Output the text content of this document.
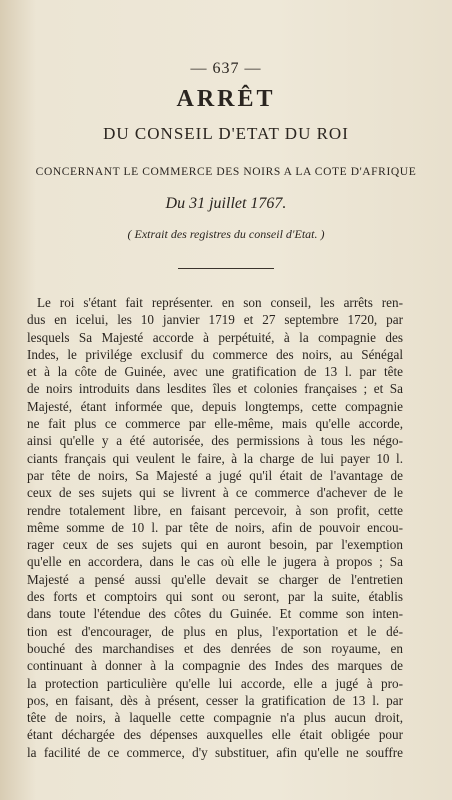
— 637 —
ARRÊT
DU CONSEIL D'ETAT DU ROI
CONCERNANT LE COMMERCE DES NOIRS A LA COTE D'AFRIQUE
Du 31 juillet 1767.
( Extrait des registres du conseil d'Etat. )
Le roi s'étant fait représenter. en son conseil, les arrêts ren-
dus en icelui, les 10 janvier 1719 et 27 septembre 1720, par
lesquels Sa Majesté accorde à perpétuité, à la compagnie des
Indes, le privilége exclusif du commerce des noirs, au Sénégal
et à la côte de Guinée, avec une gratification de 13 l. par tête
de noirs introduits dans lesdites îles et colonies françaises ; et Sa
Majesté, étant informée que, depuis longtemps, cette compagnie
ne fait plus ce commerce par elle-même, mais qu'elle accorde,
ainsi qu'elle y a été autorisée, des permissions à tous les négo-
ciants français qui veulent le faire, à la charge de lui payer 10 l.
par tête de noirs, Sa Majesté a jugé qu'il était de l'avantage de
ceux de ses sujets qui se livrent à ce commerce d'achever de le
rendre totalement libre, en faisant percevoir, à son profit, cette
même somme de 10 l. par tête de noirs, afin de pouvoir encou-
rager ceux de ses sujets qui en auront besoin, par l'exemption
qu'elle en accordera, dans le cas où elle le jugera à propos ; Sa
Majesté a pensé aussi qu'elle devait se charger de l'entretien
des forts et comptoirs qui sont ou seront, par la suite, établis
dans toute l'étendue des côtes du Guinée. Et comme son inten-
tion est d'encourager, de plus en plus, l'exportation et le dé-
bouché des marchandises et des denrées de son royaume, en
continuant à donner à la compagnie des Indes des marques de
la protection particulière qu'elle lui accorde, elle a jugé à pro-
pos, en faisant, dès à présent, cesser la gratification de 13 l. par
tête de noirs, à laquelle cette compagnie n'a plus aucun droit,
étant déchargée des dépenses auxquelles elle était obligée pour
la facilité de ce commerce, d'y substituer, afin qu'elle ne souffre
